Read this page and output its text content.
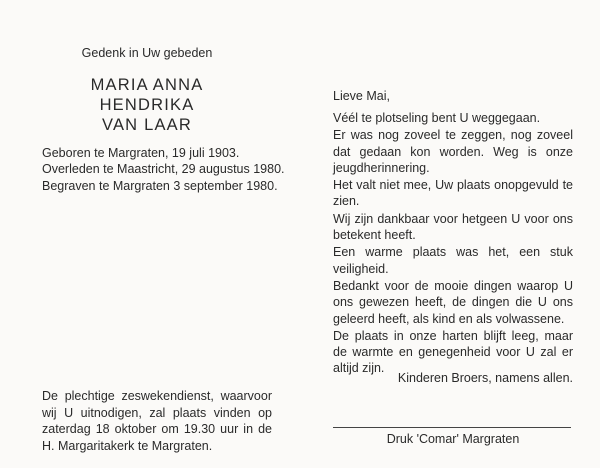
Gedenk in Uw gebeden
MARIA ANNA HENDRIKA
VAN LAAR
Geboren te Margraten, 19 juli 1903.
Overleden te Maastricht, 29 augustus 1980.
Begraven te Margraten 3 september 1980.
De plechtige zeswekendienst, waarvoor wij U uitnodigen, zal plaats vinden op zaterdag 18 oktober om 19.30 uur in de H. Margaritakerk te Margraten.
Lieve Mai,

Véél te plotseling bent U weggegaan.

Er was nog zoveel te zeggen, nog zoveel dat gedaan kon worden. Weg is onze jeugdherinnering.

Het valt niet mee, Uw plaats onopgevuld te zien.

Wij zijn dankbaar voor hetgeen U voor ons betekent heeft.

Een warme plaats was het, een stuk veiligheid.

Bedankt voor de mooie dingen waarop U ons gewezen heeft, de dingen die U ons geleerd heeft, als kind en als volwassene.

De plaats in onze harten blijft leeg, maar de warmte en genegenheid voor U zal er altijd zijn.

Kinderen Broers, namens allen.
Druk 'Comar' Margraten
